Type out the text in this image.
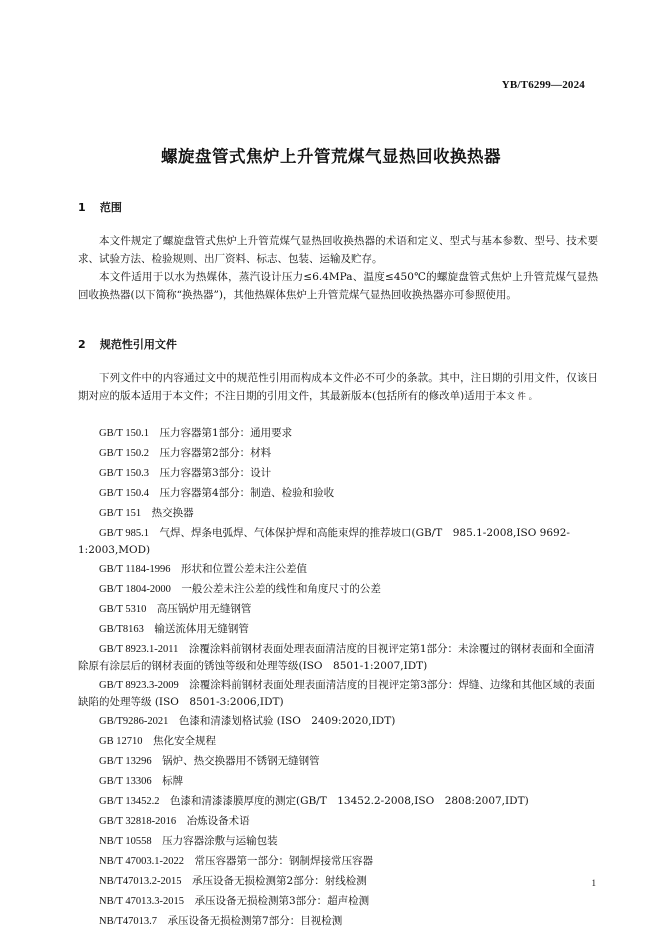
YB/T6299—2024
螺旋盘管式焦炉上升管荒煤气显热回收换热器
1 范围
本文件规定了螺旋盘管式焦炉上升管荒煤气显热回收换热器的术语和定义、型式与基本参数、型号、技术要求、试验方法、检验规则、出厂资料、标志、包装、运输及贮存。
本文件适用于以水为热媒体，蒸汽设计压力≤6.4MPa、温度≤450℃的螺旋盘管式焦炉上升管荒煤气显热回收换热器(以下简称“换热器”)，其他热媒体焦炉上升管荒煤气显热回收换热器亦可参照使用。
2 规范性引用文件
下列文件中的内容通过文中的规范性引用而构成本文件必不可少的条款。其中，注日期的引用文件，仅该日期对应的版本适用于本文件；不注日期的引用文件，其最新版本(包括所有的修改单)适用于本文 件 。
GB/T 150.1　 压力容器第1部分：通用要求
GB/T 150.2　 压力容器第2部分：材料
GB/T 150.3　 压力容器第3部分：设计
GB/T 150.4　 压力容器第4部分：制造、检验和验收
GB/T 151　 热交换器
GB/T 985.1　 气焊、焊条电弧焊、气体保护焊和高能束焊的推荐坡口(GB/T　985.1-2008,ISO 9692-1:2003,MOD)
GB/T 1184-1996　 形状和位置公差未注公差值
GB/T 1804-2000　 一般公差未注公差的线性和角度尺寸的公差
GB/T 5310　 高压锅炉用无缝钢管
GB/T8163　 输送流体用无缝钢管
GB/T 8923.1-2011　 涂覆涂料前钢材表面处理表面清洁度的目视评定第1部分：未涂覆过的钢材表面和全面清除原有涂层后的钢材表面的锈蚀等级和处理等级(ISO　8501-1:2007,IDT)
GB/T 8923.3-2009　 涂覆涂料前钢材表面处理表面清洁度的目视评定第3部分：焊缝、边缘和其他区域的表面缺陷的处理等级 (ISO　8501-3:2006,IDT)
GB/T9286-2021　 色漆和清漆划格试验 (ISO　2409:2020,IDT)
GB 12710　 焦化安全规程
GB/T 13296　 锅炉、热交换器用不锈钢无缝钢管
GB/T 13306　 标牌
GB/T 13452.2　 色漆和清漆漆膜厚度的测定(GB/T　13452.2-2008,ISO　2808:2007,IDT)
GB/T 32818-2016　 冶炼设备术语
NB/T 10558　 压力容器涂敷与运输包装
NB/T 47003.1-2022　 常压容器第一部分：钢制焊接常压容器
NB/T47013.2-2015　 承压设备无损检测第2部分：射线检测
NB/T 47013.3-2015　 承压设备无损检测第3部分：超声检测
NB/T47013.7　 承压设备无损检测第7部分：目视检测
1
